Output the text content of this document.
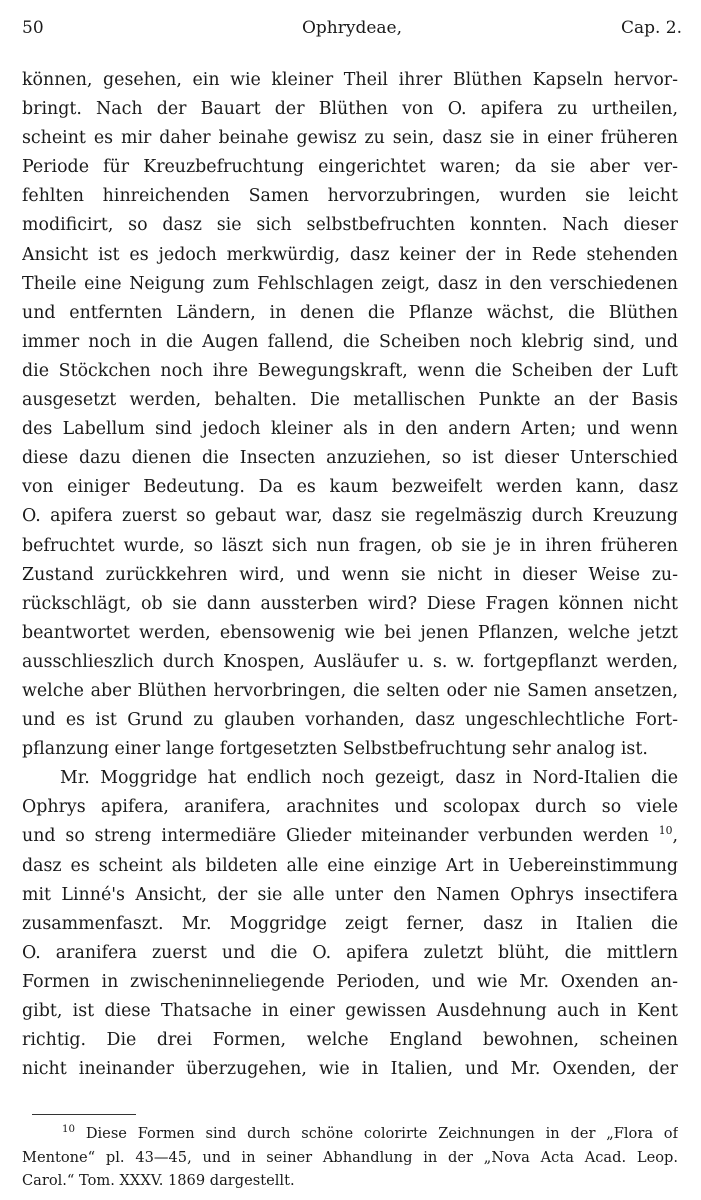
50	Ophrydeae,	Cap. 2.
können, gesehen, ein wie kleiner Theil ihrer Blüthen Kapseln hervor-
bringt. Nach der Bauart der Blüthen von O. apifera zu urtheilen,
scheint es mir daher beinahe gewisz zu sein, dasz sie in einer früheren
Periode für Kreuzbefruchtung eingerichtet waren; da sie aber ver-
fehlten hinreichenden Samen hervorzubringen, wurden sie leicht
modificirt, so dasz sie sich selbstbefruchten konnten. Nach dieser
Ansicht ist es jedoch merkwürdig, dasz keiner der in Rede stehenden
Theile eine Neigung zum Fehlschlagen zeigt, dasz in den verschiedenen
und entfernten Ländern, in denen die Pflanze wächst, die Blüthen
immer noch in die Augen fallend, die Scheiben noch klebrig sind, und
die Stöckchen noch ihre Bewegungskraft, wenn die Scheiben der Luft
ausgesetzt werden, behalten. Die metallischen Punkte an der Basis
des Labellum sind jedoch kleiner als in den andern Arten; und wenn
diese dazu dienen die Insecten anzuziehen, so ist dieser Unterschied
von einiger Bedeutung. Da es kaum bezweifelt werden kann, dasz
O. apifera zuerst so gebaut war, dasz sie regelmäszig durch Kreuzung
befruchtet wurde, so läszt sich nun fragen, ob sie je in ihren früheren
Zustand zurückkehren wird, und wenn sie nicht in dieser Weise zu-
rückschlägt, ob sie dann aussterben wird? Diese Fragen können nicht
beantwortet werden, ebensowenig wie bei jenen Pflanzen, welche jetzt
ausschlieszlich durch Knospen, Ausläufer u. s. w. fortgepflanzt werden,
welche aber Blüthen hervorbringen, die selten oder nie Samen ansetzen,
und es ist Grund zu glauben vorhanden, dasz ungeschlechtliche Fort-
pflanzung einer lange fortgesetzten Selbstbefruchtung sehr analog ist.
Mr. Moggridge hat endlich noch gezeigt, dasz in Nord-Italien die
Ophrys apifera, aranifera, arachnites und scolopax durch so viele
und so streng intermediäre Glieder miteinander verbunden werden $^{10}$,
dasz es scheint als bildeten alle eine einzige Art in Uebereinstimmung
mit Linné's Ansicht, der sie alle unter den Namen Ophrys insectifera
zusammenfaszt. Mr. Moggridge zeigt ferner, dasz in Italien die
O. aranifera zuerst und die O. apifera zuletzt blüht, die mittlern
Formen in zwischeninneliegende Perioden, und wie Mr. Oxenden an-
gibt, ist diese Thatsache in einer gewissen Ausdehnung auch in Kent
richtig. Die drei Formen, welche England bewohnen, scheinen
nicht ineinander überzugehen, wie in Italien, und Mr. Oxenden, der
$^{10}$ Diese Formen sind durch schöne colorirte Zeichnungen in der „Flora of
Mentone“ pl. 43—45, und in seiner Abhandlung in der „Nova Acta Acad. Leop.
Carol.“ Tom. XXXV. 1869 dargestellt.
